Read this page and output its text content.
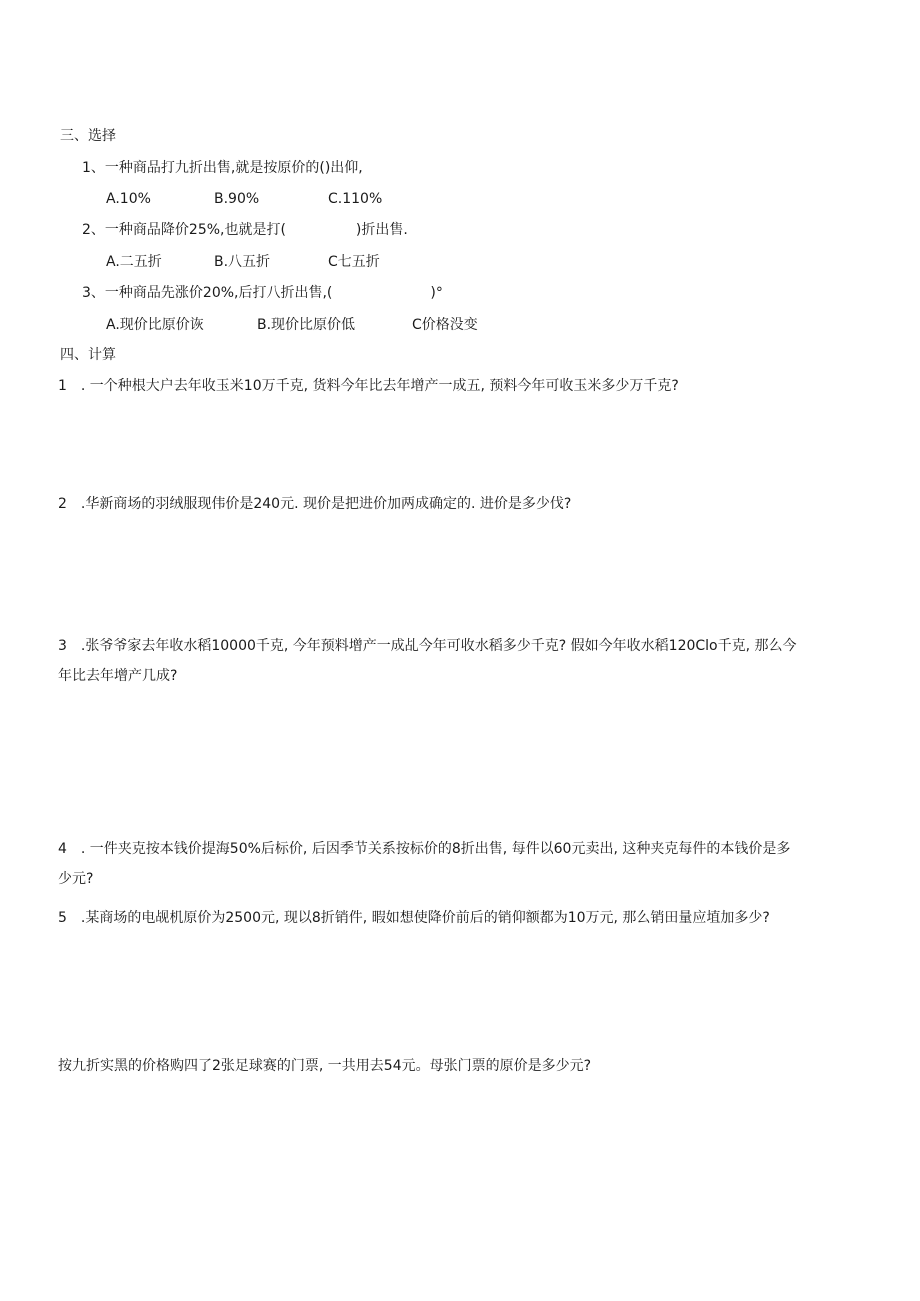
三、选择
1、一种商品打九折出售,就是按原价的()出仰,
A.10%	B.90%	C.110%
2、一种商品降价25%,也就是打(　　　　　)折出售.
A.二五折	B.八五折	C七五折
3、一种商品先涨价20%,后打八折出售,(　　　　　　　)°
A.现价比原价诙	B.现价比原价低	C价格没变
四、计算
1　. 一个种根大户去年收玉米10万千克, 货料今年比去年增产一成五, 预料今年可收玉米多少万千克?
2　.华新商场的羽绒服现伟价是240元. 现价是把进价加两成确定的. 进价是多少伐?
3　.张爷爷家去年收水稻10000千克, 今年预料增产一成乩今年可收水稻多少千克? 假如今年收水稻120Clo千克, 那么今
年比去年增产几成?
4　. 一件夹克按本钱价提海50%后标价, 后因季节关系按标价的8折出售, 每件以60元卖出, 这种夹克每件的本钱价是多
少元?
5　.某商场的电觇机原价为2500元, 现以8折销件, 暇如想使降价前后的销仰额都为10万元, 那么销田量应埴加多少?
按九折实黑的价格购四了2张足球赛的门票, 一共用去54元。母张门票的原价是多少元?
